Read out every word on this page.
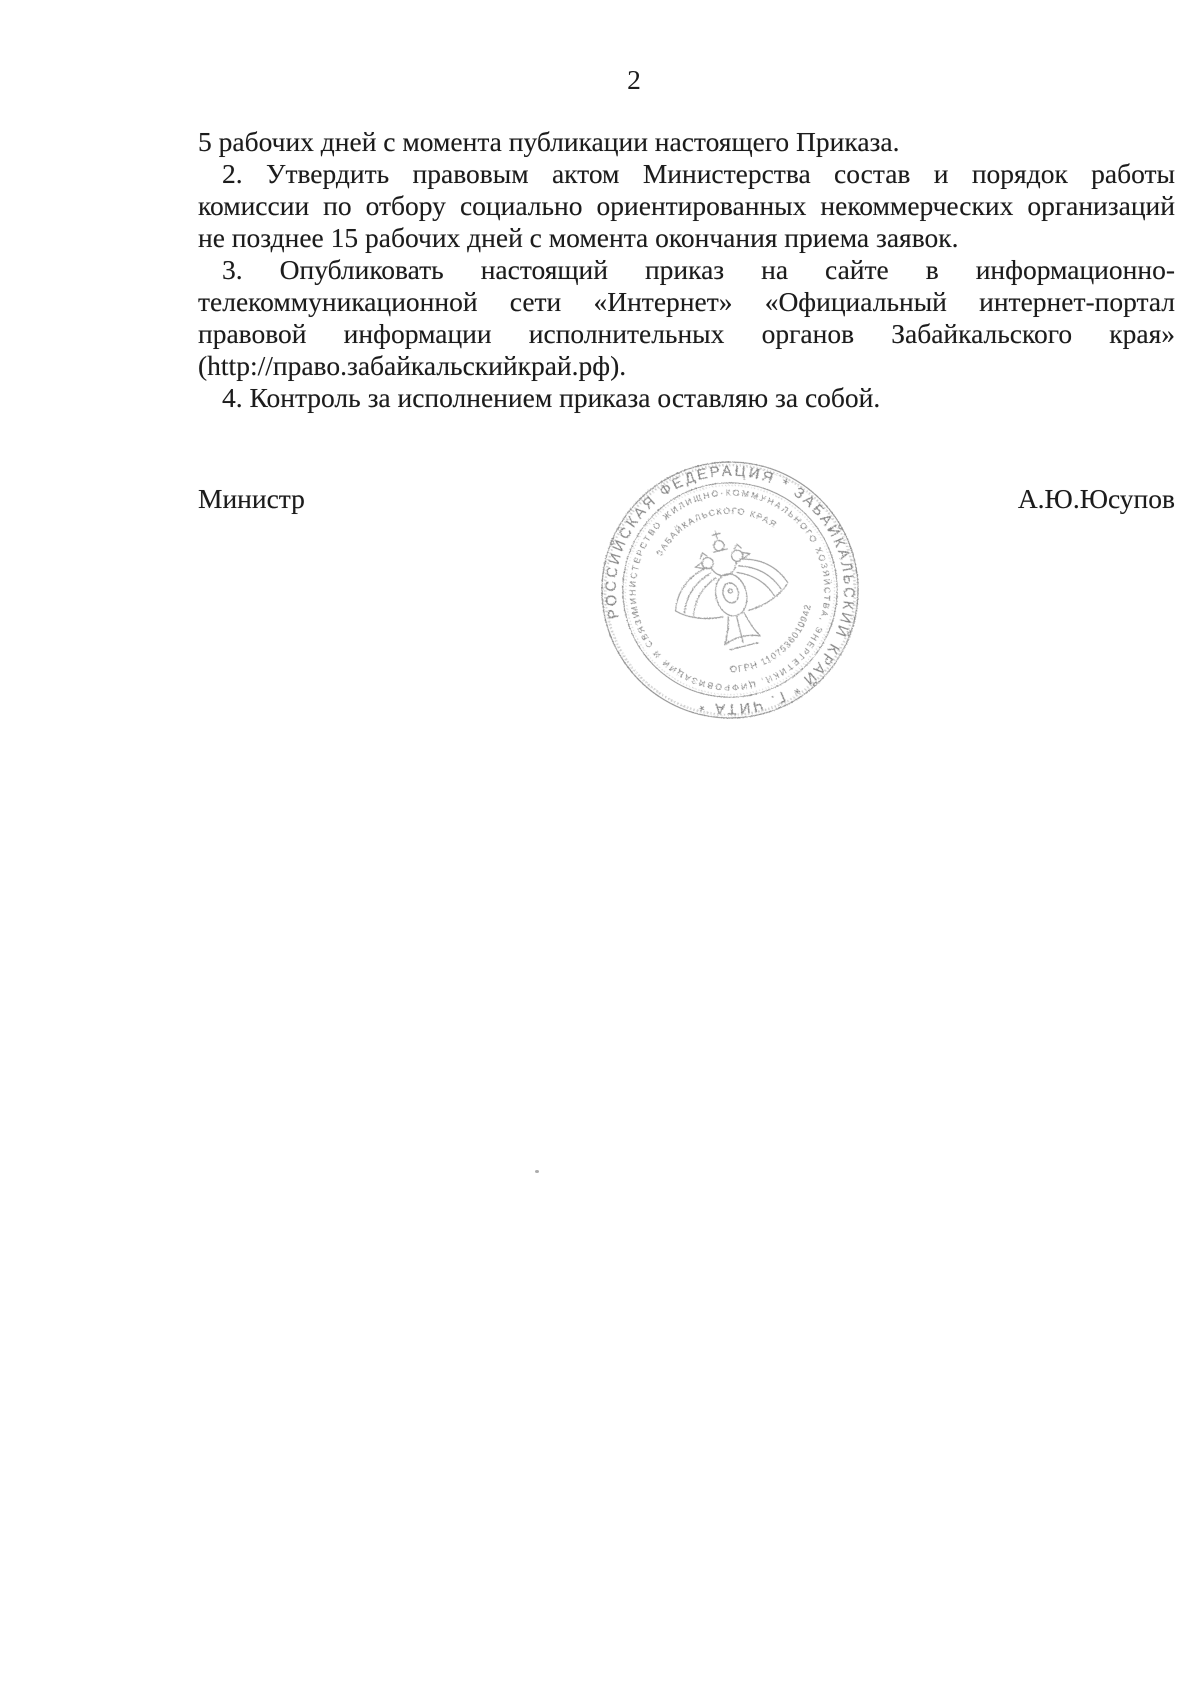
2
5 рабочих дней с момента публикации настоящего Приказа.
2. Утвердить правовым актом Министерства состав и порядок работы
комиссии по отбору социально ориентированных некоммерческих организаций
не позднее 15 рабочих дней с момента окончания приема заявок.
3. Опубликовать настоящий приказ на сайте в информационно-
телекоммуникационной сети «Интернет» «Официальный интернет-портал
правовой информации исполнительных органов Забайкальского края»
(http://право.забайкальскийкрай.рф).
4. Контроль за исполнением приказа оставляю за собой.
Министр	А.Ю.Юсупов
РОССИЙСКАЯ ФЕДЕРАЦИЯ * ЗАБАЙКАЛЬСКИЙ КРАЙ * Г. ЧИТА *
МИНИСТЕРСТВО ЖИЛИЩНО-КОММУНАЛЬНОГО ХОЗЯЙСТВА, ЭНЕРГЕТИКИ, ЦИФРОВИЗАЦИИ И СВЯЗИ
ЗАБАЙКАЛЬСКОГО КРАЯ
ОГРН 1107536010942
